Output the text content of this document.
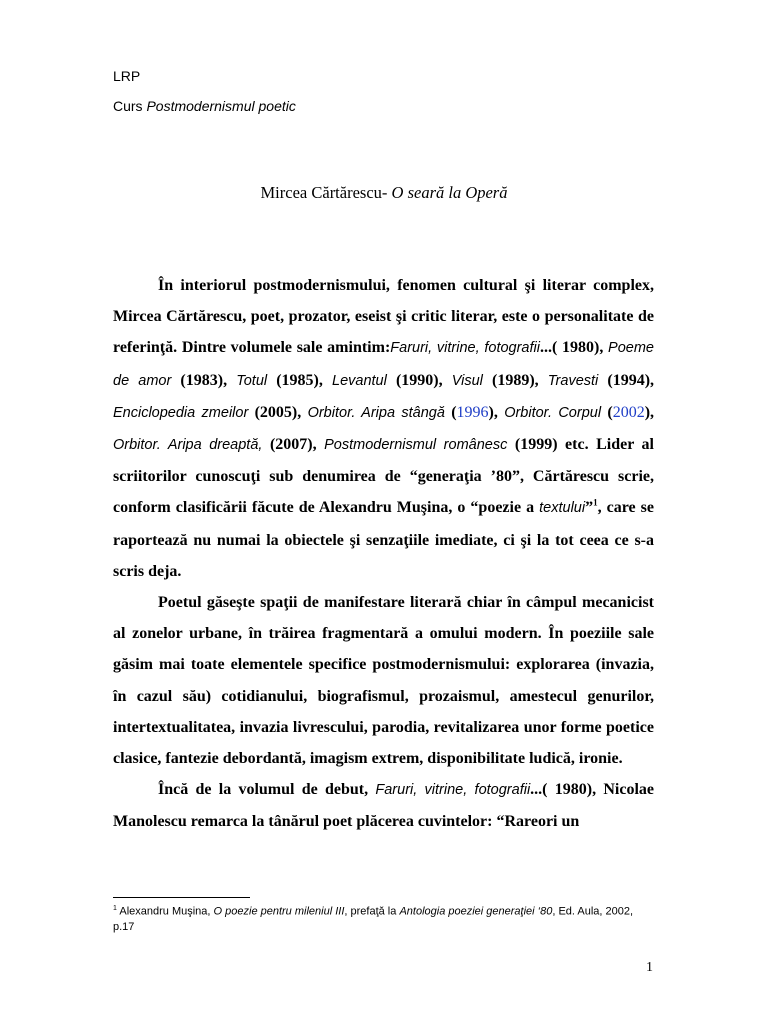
LRP
Curs Postmodernismul poetic
Mircea Cărtărescu- O seară la Operă

În interiorul postmodernismului, fenomen cultural şi literar complex, Mircea Cărtărescu, poet, prozator, eseist şi critic literar, este o personalitate de referinţă. Dintre volumele sale amintim:Faruri, vitrine, fotografii...( 1980), Poeme de amor (1983), Totul (1985), Levantul (1990), Visul (1989), Travesti (1994), Enciclopedia zmeilor (2005), Orbitor. Aripa stângă (1996), Orbitor. Corpul (2002), Orbitor. Aripa dreaptă, (2007), Postmodernismul românesc (1999) etc. Lider al scriitorilor cunoscuţi sub denumirea de “generaţia ’80”, Cărtărescu scrie, conform clasificării făcute de Alexandru Muşina, o “poezie a textului”$^1$, care se raportează nu numai la obiectele şi senzaţiile imediate, ci şi la tot ceea ce s-a scris deja.

Poetul găseşte spaţii de manifestare literară chiar în câmpul mecanicist al zonelor urbane, în trăirea fragmentară a omului modern. În poeziile sale găsim mai toate elementele specifice postmodernismului: explorarea (invazia, în cazul său) cotidianului, biografismul, prozaismul, amestecul genurilor, intertextualitatea, invazia livrescului, parodia, revitalizarea unor forme poetice clasice, fantezie debordantă, imagism extrem, disponibilitate ludică, ironie.

Încă de la volumul de debut, Faruri, vitrine, fotografii...( 1980), Nicolae Manolescu remarca la tânărul poet plăcerea cuvintelor: “Rareori un

$^1$ Alexandru Muşina, O poezie pentru mileniul III, prefaţă la Antologia poeziei generaţiei ‘80, Ed. Aula, 2002, p.17
1
